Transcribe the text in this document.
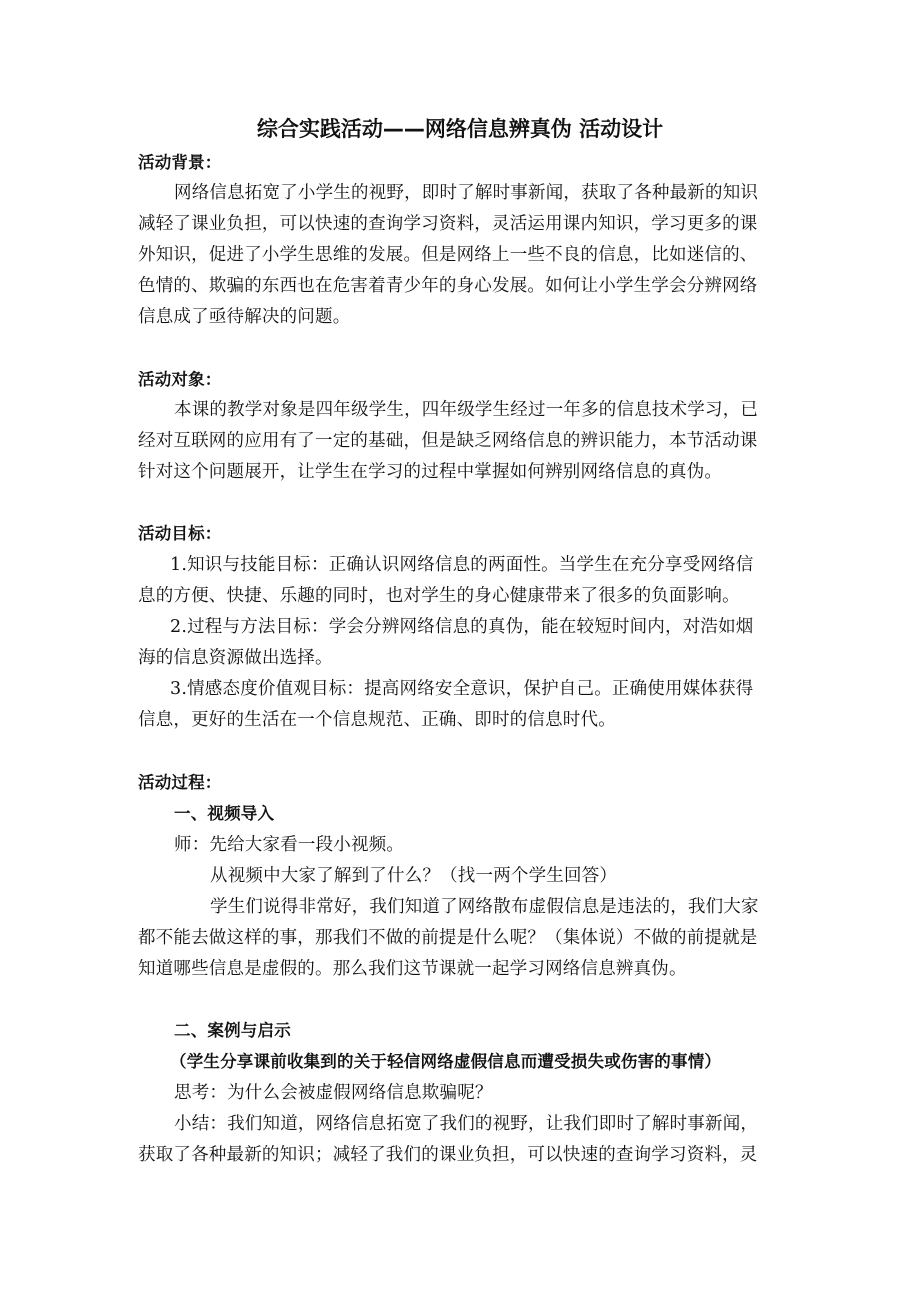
综合实践活动——网络信息辨真伪 活动设计
活动背景：
网络信息拓宽了小学生的视野，即时了解时事新闻，获取了各种最新的知识
减轻了课业负担，可以快速的查询学习资料，灵活运用课内知识，学习更多的课
外知识，促进了小学生思维的发展。但是网络上一些不良的信息，比如迷信的、
色情的、欺骗的东西也在危害着青少年的身心发展。如何让小学生学会分辨网络
信息成了亟待解决的问题。
活动对象：
本课的教学对象是四年级学生，四年级学生经过一年多的信息技术学习，已
经对互联网的应用有了一定的基础，但是缺乏网络信息的辨识能力，本节活动课
针对这个问题展开，让学生在学习的过程中掌握如何辨别网络信息的真伪。
活动目标：
1.知识与技能目标：正确认识网络信息的两面性。当学生在充分享受网络信
息的方便、快捷、乐趣的同时，也对学生的身心健康带来了很多的负面影响。
2.过程与方法目标：学会分辨网络信息的真伪，能在较短时间内，对浩如烟
海的信息资源做出选择。
3.情感态度价值观目标：提高网络安全意识，保护自己。正确使用媒体获得
信息，更好的生活在一个信息规范、正确、即时的信息时代。
活动过程：
一、视频导入
师：先给大家看一段小视频。
从视频中大家了解到了什么？（找一两个学生回答）
学生们说得非常好，我们知道了网络散布虚假信息是违法的，我们大家
都不能去做这样的事，那我们不做的前提是什么呢？（集体说）不做的前提就是
知道哪些信息是虚假的。那么我们这节课就一起学习网络信息辨真伪。
二、案例与启示
（学生分享课前收集到的关于轻信网络虚假信息而遭受损失或伤害的事情）
思考：为什么会被虚假网络信息欺骗呢？
小结：我们知道，网络信息拓宽了我们的视野，让我们即时了解时事新闻，
获取了各种最新的知识；减轻了我们的课业负担，可以快速的查询学习资料，灵
